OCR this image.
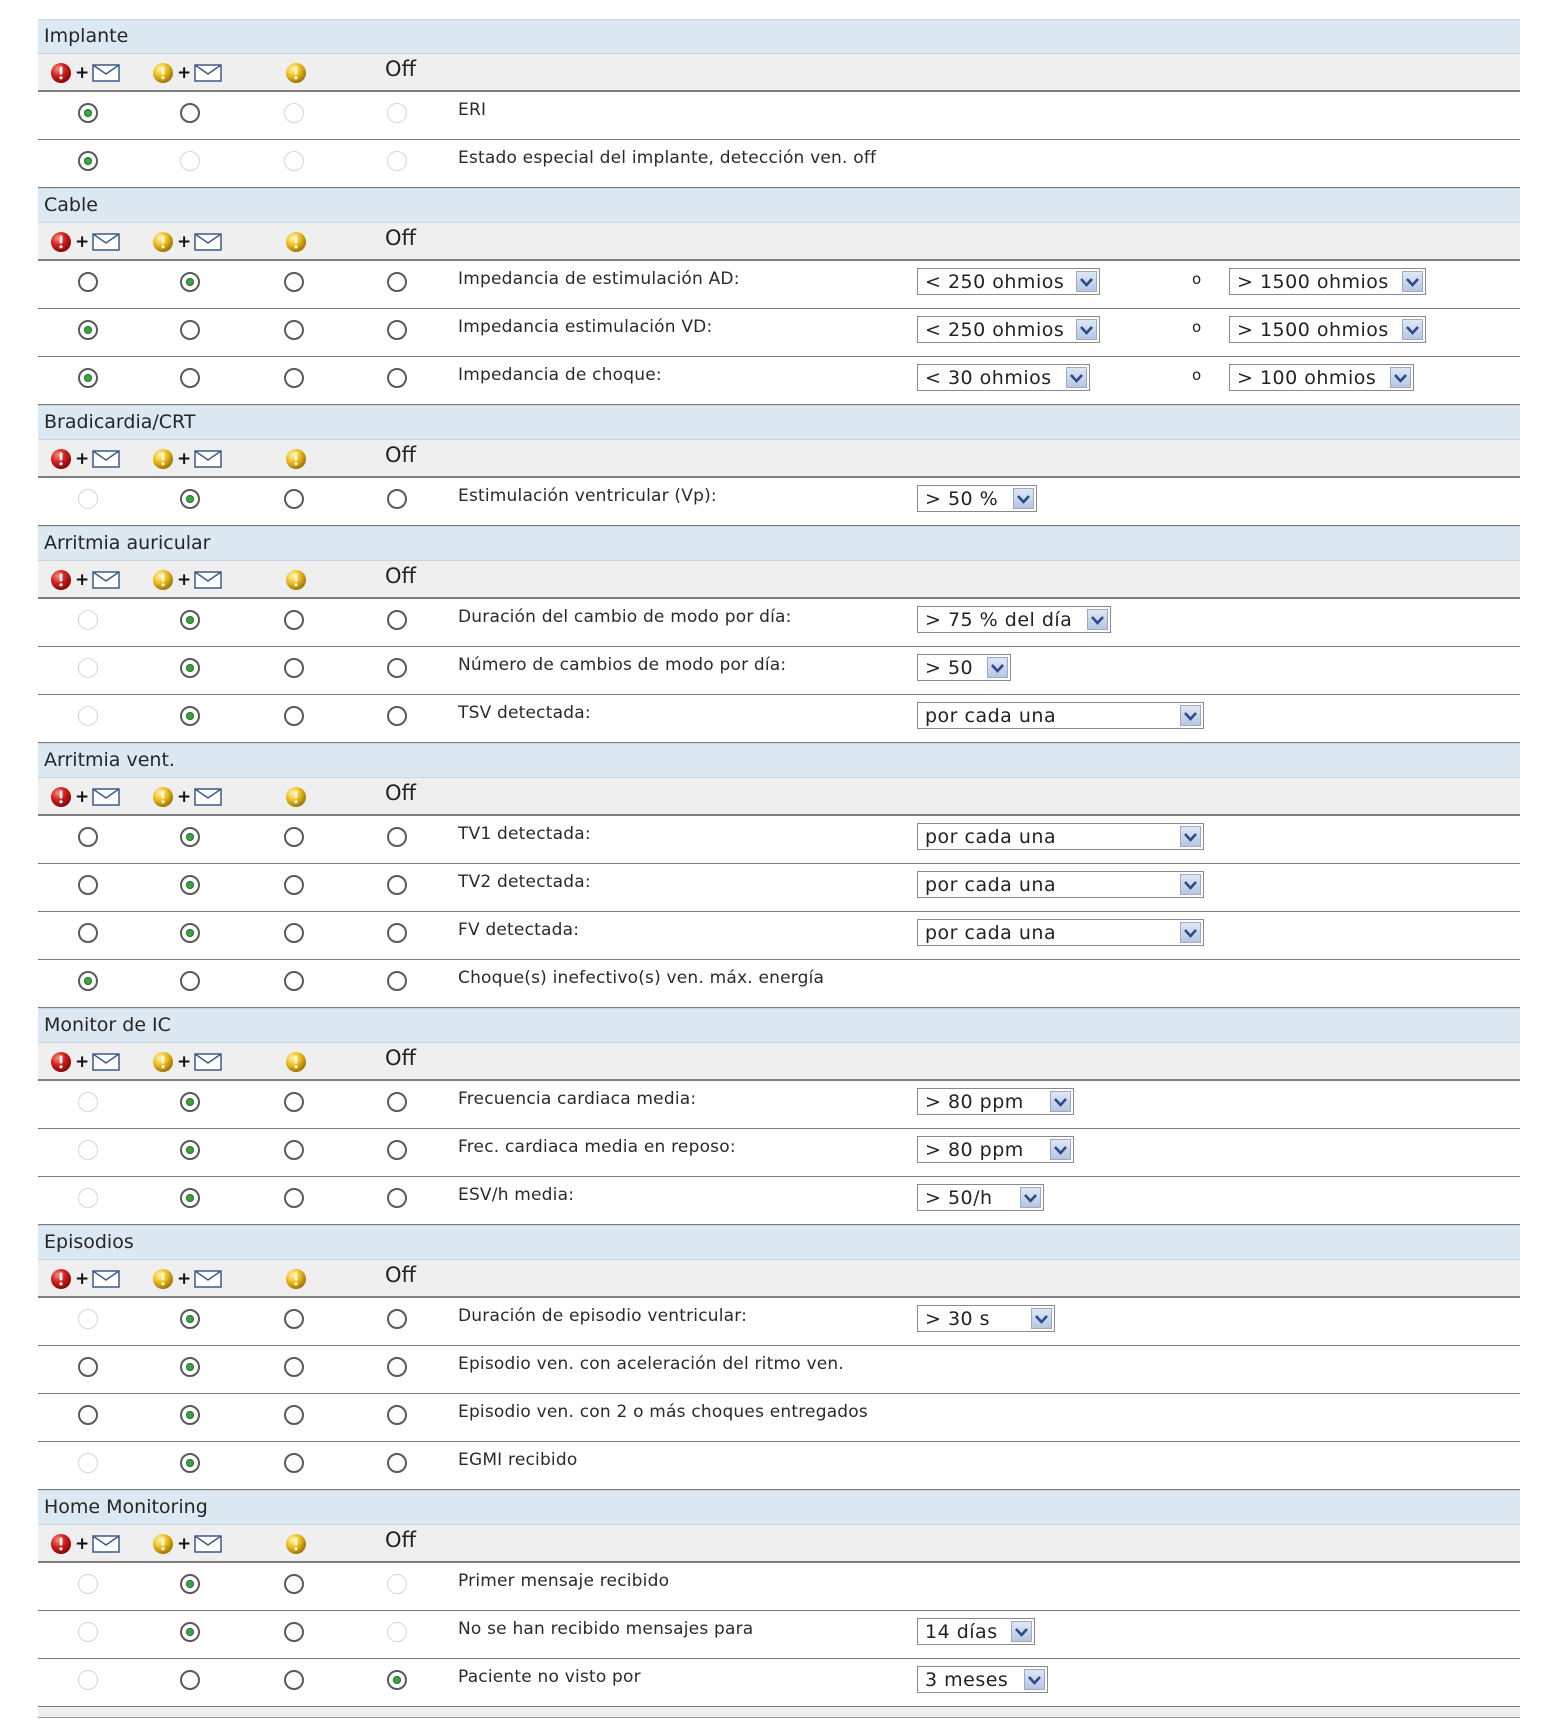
Implante
+	+	Off
ERI
Estado especial del implante, detección ven. off
Cable
+	+	Off
Impedancia de estimulación AD:	< 250 ohmios	o	> 1500 ohmios
Impedancia estimulación VD:	< 250 ohmios	o	> 1500 ohmios
Impedancia de choque:	< 30 ohmios	o	> 100 ohmios
Bradicardia/CRT
+	+	Off
Estimulación ventricular (Vp):	> 50 %
Arritmia auricular
+	+	Off
Duración del cambio de modo por día:	> 75 % del día
Número de cambios de modo por día:	> 50
TSV detectada:	por cada una
Arritmia vent.
+	+	Off
TV1 detectada:	por cada una
TV2 detectada:	por cada una
FV detectada:	por cada una
Choque(s) inefectivo(s) ven. máx. energía
Monitor de IC
+	+	Off
Frecuencia cardiaca media:	> 80 ppm
Frec. cardiaca media en reposo:	> 80 ppm
ESV/h media:	> 50/h
Episodios
+	+	Off
Duración de episodio ventricular:	> 30 s
Episodio ven. con aceleración del ritmo ven.
Episodio ven. con 2 o más choques entregados
EGMI recibido
Home Monitoring
+	+	Off
Primer mensaje recibido
No se han recibido mensajes para	14 días
Paciente no visto por	3 meses
